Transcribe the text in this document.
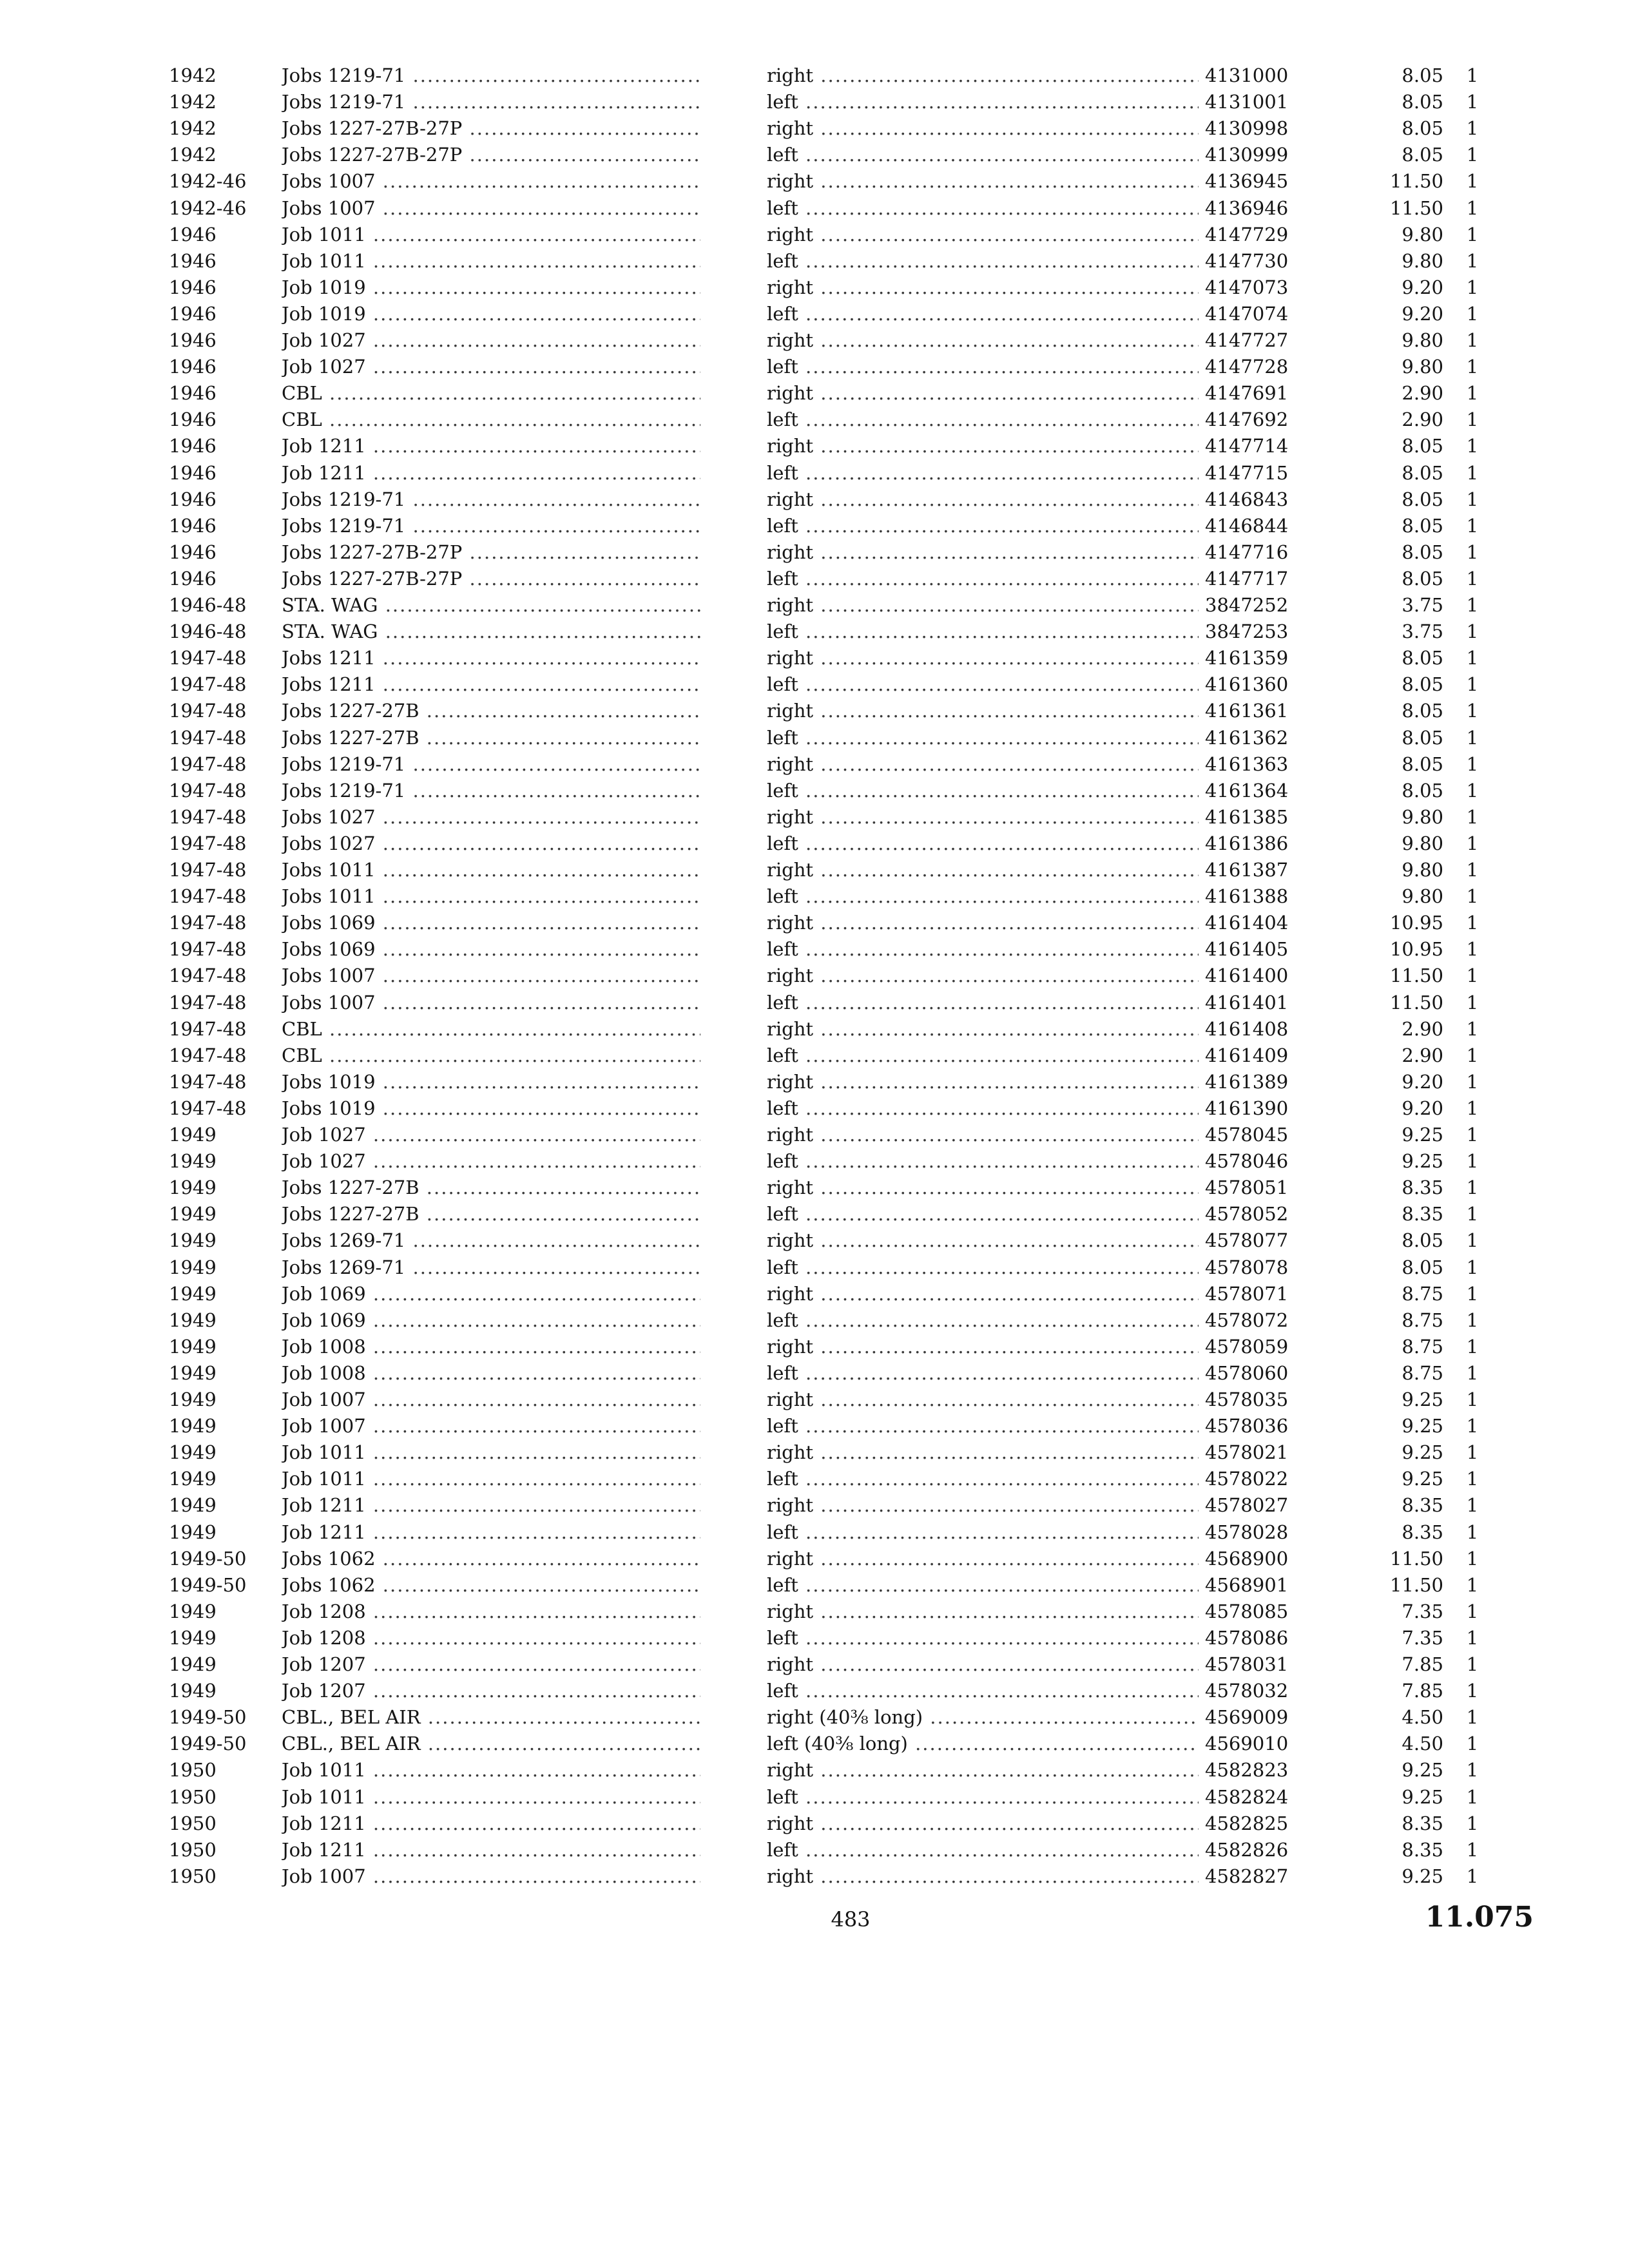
1942	Jobs 1219-71 .....	right .....	4131000	8.05	1
1942	Jobs 1219-71 .....	left .....	4131001	8.05	1
1942	Jobs 1227-27B-27P .....	right .....	4130998	8.05	1
1942	Jobs 1227-27B-27P .....	left .....	4130999	8.05	1
1942-46	Jobs 1007 .....	right .....	4136945	11.50	1
1942-46	Jobs 1007 .....	left .....	4136946	11.50	1
1946	Job 1011 .....	right .....	4147729	9.80	1
1946	Job 1011 .....	left .....	4147730	9.80	1
1946	Job 1019 .....	right .....	4147073	9.20	1
1946	Job 1019 .....	left .....	4147074	9.20	1
1946	Job 1027 .....	right .....	4147727	9.80	1
1946	Job 1027 .....	left .....	4147728	9.80	1
1946	CBL .....	right .....	4147691	2.90	1
1946	CBL .....	left .....	4147692	2.90	1
1946	Job 1211 .....	right .....	4147714	8.05	1
1946	Job 1211 .....	left .....	4147715	8.05	1
1946	Jobs 1219-71 .....	right .....	4146843	8.05	1
1946	Jobs 1219-71 .....	left .....	4146844	8.05	1
1946	Jobs 1227-27B-27P .....	right .....	4147716	8.05	1
1946	Jobs 1227-27B-27P .....	left .....	4147717	8.05	1
1946-48	STA. WAG .....	right .....	3847252	3.75	1
1946-48	STA. WAG .....	left .....	3847253	3.75	1
1947-48	Jobs 1211 .....	right .....	4161359	8.05	1
1947-48	Jobs 1211 .....	left .....	4161360	8.05	1
1947-48	Jobs 1227-27B .....	right .....	4161361	8.05	1
1947-48	Jobs 1227-27B .....	left .....	4161362	8.05	1
1947-48	Jobs 1219-71 .....	right .....	4161363	8.05	1
1947-48	Jobs 1219-71 .....	left .....	4161364	8.05	1
1947-48	Jobs 1027 .....	right .....	4161385	9.80	1
1947-48	Jobs 1027 .....	left .....	4161386	9.80	1
1947-48	Jobs 1011 .....	right .....	4161387	9.80	1
1947-48	Jobs 1011 .....	left .....	4161388	9.80	1
1947-48	Jobs 1069 .....	right .....	4161404	10.95	1
1947-48	Jobs 1069 .....	left .....	4161405	10.95	1
1947-48	Jobs 1007 .....	right .....	4161400	11.50	1
1947-48	Jobs 1007 .....	left .....	4161401	11.50	1
1947-48	CBL .....	right .....	4161408	2.90	1
1947-48	CBL .....	left .....	4161409	2.90	1
1947-48	Jobs 1019 .....	right .....	4161389	9.20	1
1947-48	Jobs 1019 .....	left .....	4161390	9.20	1
1949	Job 1027 .....	right .....	4578045	9.25	1
1949	Job 1027 .....	left .....	4578046	9.25	1
1949	Jobs 1227-27B .....	right .....	4578051	8.35	1
1949	Jobs 1227-27B .....	left .....	4578052	8.35	1
1949	Jobs 1269-71 .....	right .....	4578077	8.05	1
1949	Jobs 1269-71 .....	left .....	4578078	8.05	1
1949	Job 1069 .....	right .....	4578071	8.75	1
1949	Job 1069 .....	left .....	4578072	8.75	1
1949	Job 1008 .....	right .....	4578059	8.75	1
1949	Job 1008 .....	left .....	4578060	8.75	1
1949	Job 1007 .....	right .....	4578035	9.25	1
1949	Job 1007 .....	left .....	4578036	9.25	1
1949	Job 1011 .....	right .....	4578021	9.25	1
1949	Job 1011 .....	left .....	4578022	9.25	1
1949	Job 1211 .....	right .....	4578027	8.35	1
1949	Job 1211 .....	left .....	4578028	8.35	1
1949-50	Jobs 1062 .....	right .....	4568900	11.50	1
1949-50	Jobs 1062 .....	left .....	4568901	11.50	1
1949	Job 1208 .....	right .....	4578085	7.35	1
1949	Job 1208 .....	left .....	4578086	7.35	1
1949	Job 1207 .....	right .....	4578031	7.85	1
1949	Job 1207 .....	left .....	4578032	7.85	1
1949-50	CBL., BEL AIR .....	right (40⅜ long) .....	4569009	4.50	1
1949-50	CBL., BEL AIR .....	left (40⅜ long) .....	4569010	4.50	1
1950	Job 1011 .....	right .....	4582823	9.25	1
1950	Job 1011 .....	left .....	4582824	9.25	1
1950	Job 1211 .....	right .....	4582825	8.35	1
1950	Job 1211 .....	left .....	4582826	8.35	1
1950	Job 1007 .....	right .....	4582827	9.25	1
483	11.075
